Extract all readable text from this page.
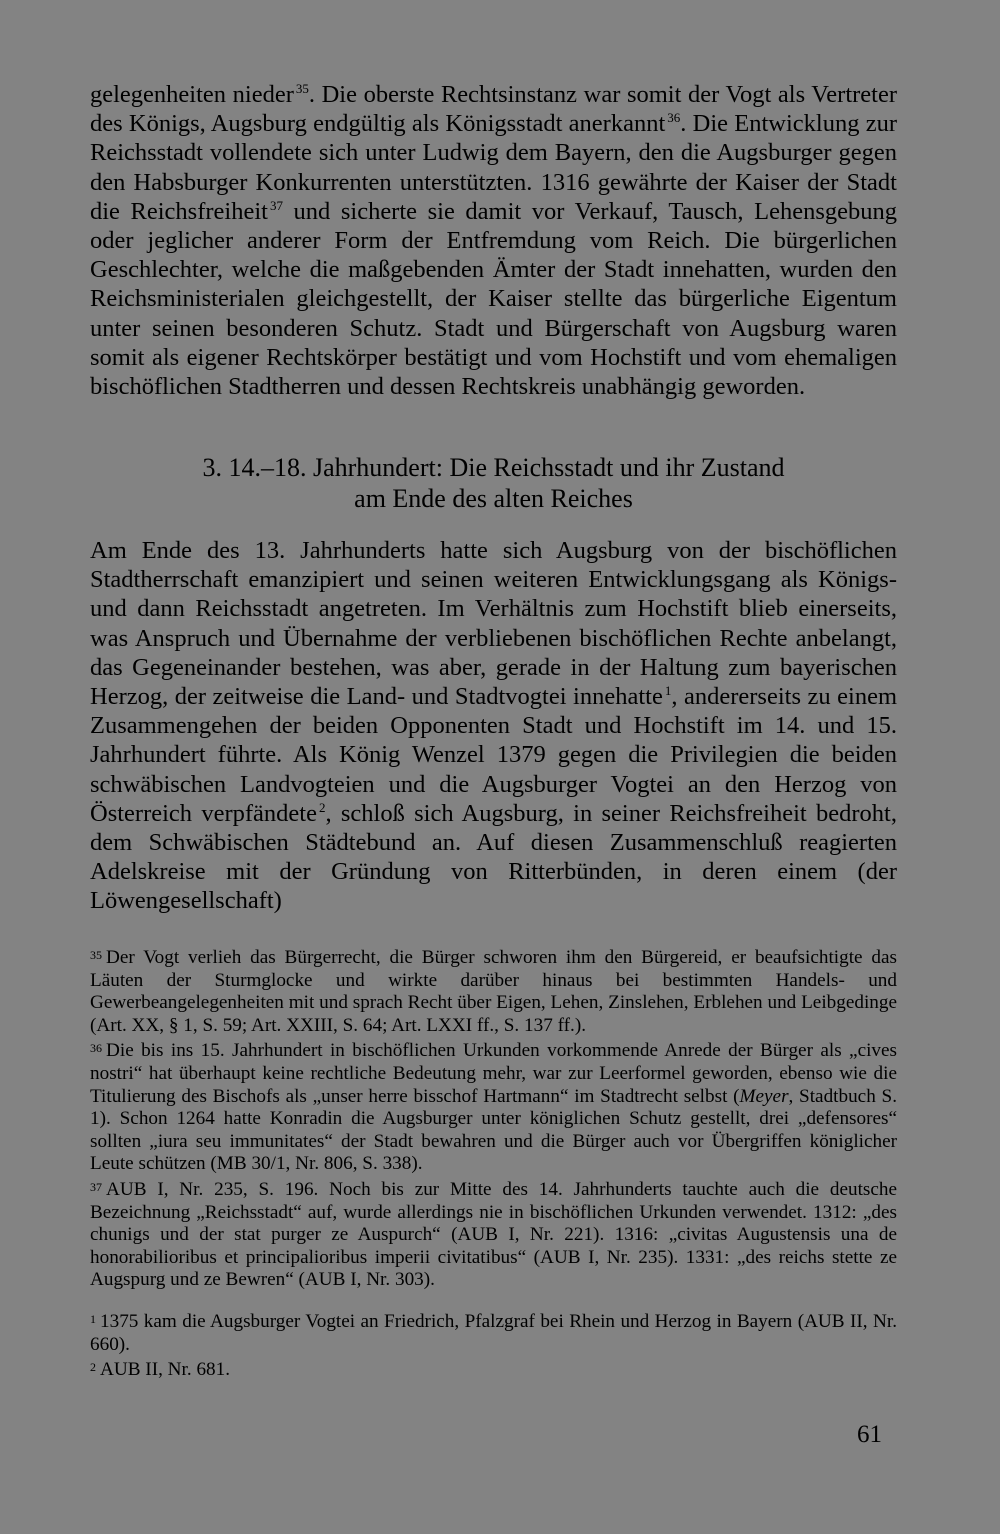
gelegenheiten nieder $^{35}$. Die oberste Rechtsinstanz war somit der Vogt als Vertreter des Königs, Augsburg endgültig als Königsstadt anerkannt $^{36}$. Die Entwicklung zur Reichsstadt vollendete sich unter Ludwig dem Bayern, den die Augsburger gegen den Habsburger Konkurrenten unterstützten. 1316 gewährte der Kaiser der Stadt die Reichsfreiheit $^{37}$ und sicherte sie damit vor Verkauf, Tausch, Lehensgebung oder jeglicher anderer Form der Entfremdung vom Reich. Die bürgerlichen Geschlechter, welche die maßgebenden Ämter der Stadt innehatten, wurden den Reichsministerialen gleichgestellt, der Kaiser stellte das bürgerliche Eigentum unter seinen besonderen Schutz. Stadt und Bürgerschaft von Augsburg waren somit als eigener Rechtskörper bestätigt und vom Hochstift und vom ehemaligen bischöflichen Stadtherren und dessen Rechtskreis unabhängig geworden.
3. 14.–18. Jahrhundert: Die Reichsstadt und ihr Zustand
am Ende des alten Reiches
Am Ende des 13. Jahrhunderts hatte sich Augsburg von der bischöflichen Stadtherrschaft emanzipiert und seinen weiteren Entwicklungsgang als Königs- und dann Reichsstadt angetreten. Im Verhältnis zum Hochstift blieb einerseits, was Anspruch und Übernahme der verbliebenen bischöflichen Rechte anbelangt, das Gegeneinander bestehen, was aber, gerade in der Haltung zum bayerischen Herzog, der zeitweise die Land- und Stadtvogtei innehatte $^1$, andererseits zu einem Zusammengehen der beiden Opponenten Stadt und Hochstift im 14. und 15. Jahrhundert führte. Als König Wenzel 1379 gegen die Privilegien die beiden schwäbischen Landvogteien und die Augsburger Vogtei an den Herzog von Österreich verpfändete $^2$, schloß sich Augsburg, in seiner Reichsfreiheit bedroht, dem Schwäbischen Städtebund an. Auf diesen Zusammenschluß reagierten Adelskreise mit der Gründung von Ritterbünden, in deren einem (der Löwengesellschaft)

$^{35}$ Der Vogt verlieh das Bürgerrecht, die Bürger schworen ihm den Bürgereid, er beaufsichtigte das Läuten der Sturmglocke und wirkte darüber hinaus bei bestimmten Handels- und Gewerbeangelegenheiten mit und sprach Recht über Eigen, Lehen, Zinslehen, Erblehen und Leibgedinge (Art. XX, § 1, S. 59; Art. XXIII, S. 64; Art. LXXI ff., S. 137 ff.).

$^{36}$ Die bis ins 15. Jahrhundert in bischöflichen Urkunden vorkommende Anrede der Bürger als „cives nostri“ hat überhaupt keine rechtliche Bedeutung mehr, war zur Leerformel geworden, ebenso wie die Titulierung des Bischofs als „unser herre bisschof Hartmann“ im Stadtrecht selbst (Meyer, Stadtbuch S. 1). Schon 1264 hatte Konradin die Augsburger unter königlichen Schutz gestellt, drei „defensores“ sollten „iura seu immunitates“ der Stadt bewahren und die Bürger auch vor Übergriffen königlicher Leute schützen (MB 30/1, Nr. 806, S. 338).

$^{37}$ AUB I, Nr. 235, S. 196. Noch bis zur Mitte des 14. Jahrhunderts tauchte auch die deutsche Bezeichnung „Reichsstadt“ auf, wurde allerdings nie in bischöflichen Urkunden verwendet. 1312: „des chunigs und der stat purger ze Auspurch“ (AUB I, Nr. 221). 1316: „civitas Augustensis una de honorabilioribus et principalioribus imperii civitatibus“ (AUB I, Nr. 235). 1331: „des reichs stette ze Augspurg und ze Bewren“ (AUB I, Nr. 303).

$^1$ 1375 kam die Augsburger Vogtei an Friedrich, Pfalzgraf bei Rhein und Herzog in Bayern (AUB II, Nr. 660).

$^2$ AUB II, Nr. 681.

61
